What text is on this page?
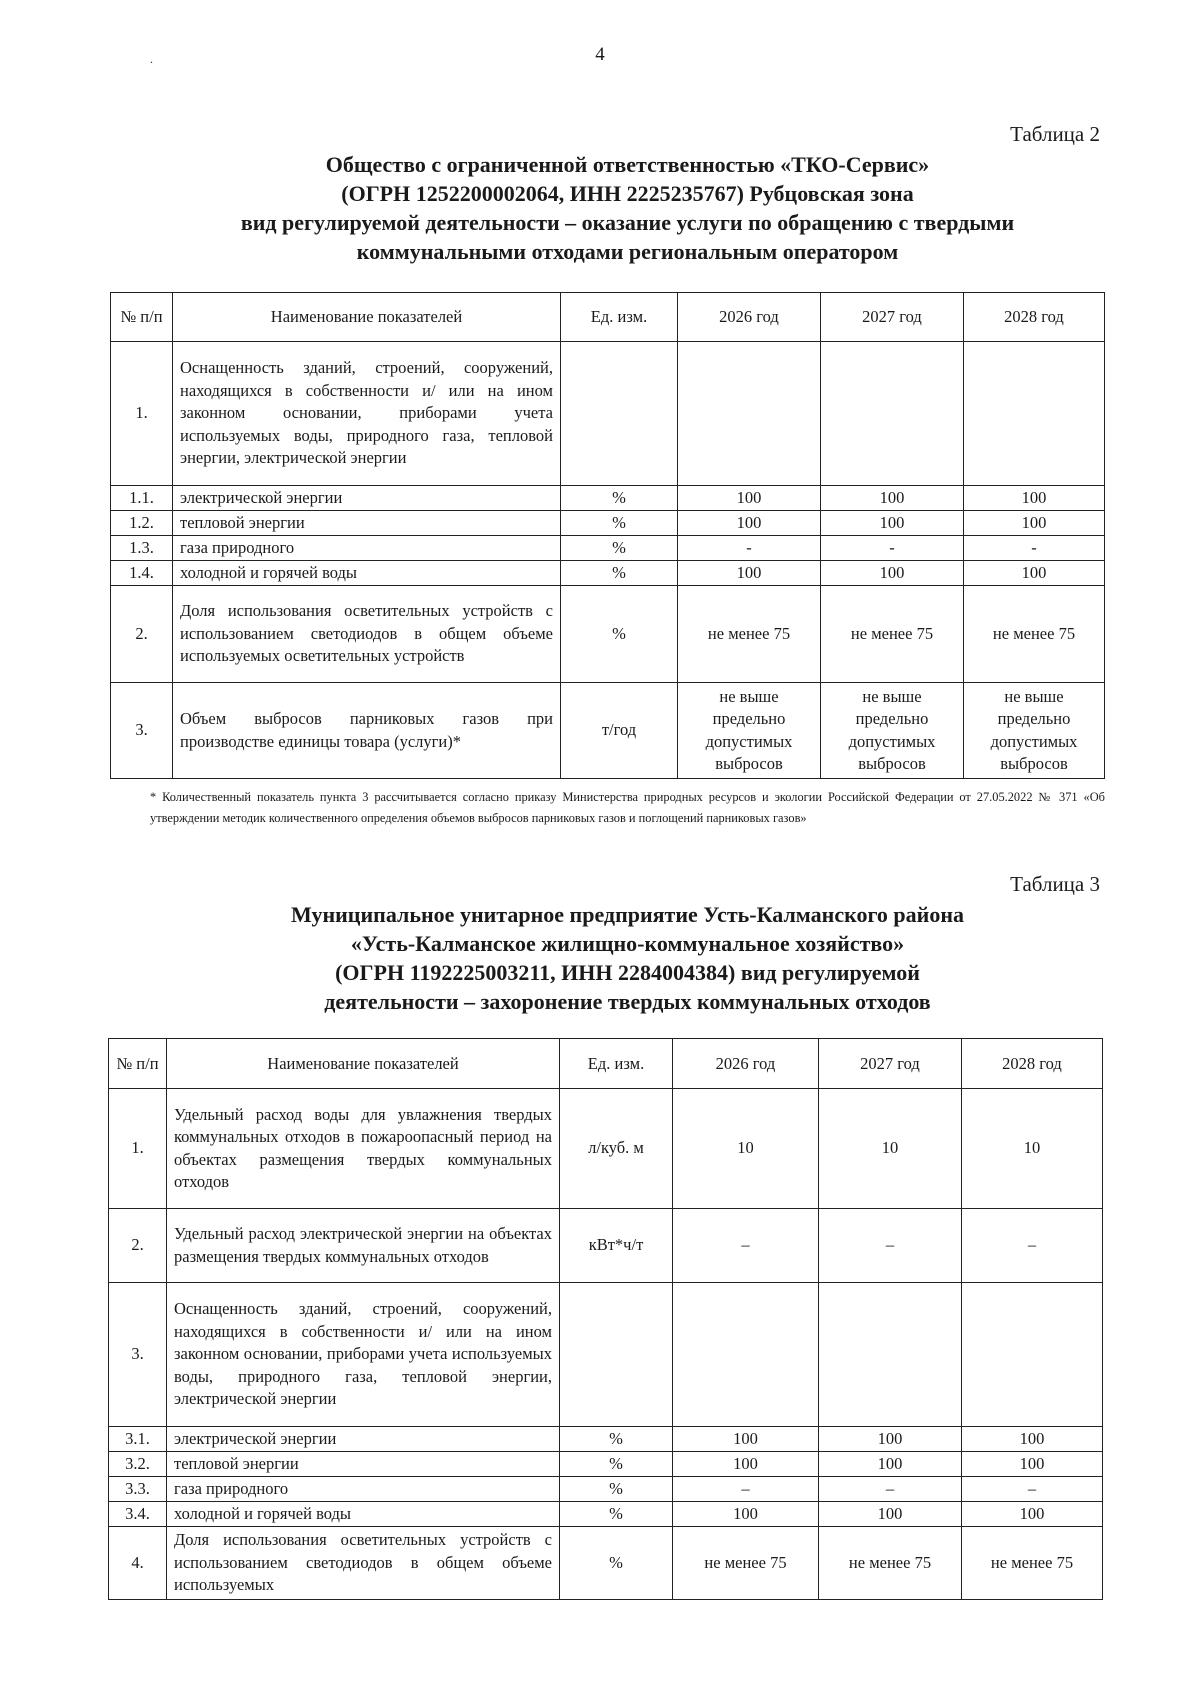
.	4
Таблица 2
Общество с ограниченной ответственностью «ТКО-Сервис»
(ОГРН 1252200002064, ИНН 2225235767) Рубцовская зона
вид регулируемой деятельности – оказание услуги по обращению с твердыми
коммунальными отходами региональным оператором
№ п/п	Наименование показателей	Ед. изм.	2026 год	2027 год	2028 год
1.	Оснащенность зданий, строений, сооружений, находящихся в собственности и/ или на ином законном основании, приборами учета используемых воды, природного газа, тепловой энергии, электрической энергии				
1.1.	электрической энергии	%	100	100	100
1.2.	тепловой энергии	%	100	100	100
1.3.	газа природного	%	-	-	-
1.4.	холодной и горячей воды	%	100	100	100
2.	Доля использования осветительных устройств с использованием светодиодов в общем объеме используемых осветительных устройств	%	не менее 75	не менее 75	не менее 75
3.	Объем выбросов парниковых газов при производстве единицы товара (услуги)*	т/год	не выше предельно допустимых выбросов	не выше предельно допустимых выбросов	не выше предельно допустимых выбросов
* Количественный показатель пункта 3 рассчитывается согласно приказу Министерства природных ресурсов и экологии Российской Федерации от 27.05.2022 № 371 «Об утверждении методик количественного определения объемов выбросов парниковых газов и поглощений парниковых газов»
Таблица 3
Муниципальное унитарное предприятие Усть-Калманского района
«Усть-Калманское жилищно-коммунальное хозяйство»
(ОГРН 1192225003211, ИНН 2284004384) вид регулируемой
деятельности – захоронение твердых коммунальных отходов
№ п/п	Наименование показателей	Ед. изм.	2026 год	2027 год	2028 год
1.	Удельный расход воды для увлажнения твердых коммунальных отходов в пожароопасный период на объектах размещения твердых коммунальных отходов	л/куб. м	10	10	10
2.	Удельный расход электрической энергии на объектах размещения твердых коммунальных отходов	кВт*ч/т	–	–	–
3.	Оснащенность зданий, строений, сооружений, находящихся в собственности и/ или на ином законном основании, приборами учета используемых воды, природного газа, тепловой энергии, электрической энергии				
3.1.	электрической энергии	%	100	100	100
3.2.	тепловой энергии	%	100	100	100
3.3.	газа природного	%	–	–	–
3.4.	холодной и горячей воды	%	100	100	100
4.	Доля использования осветительных устройств с использованием светодиодов в общем объеме используемых	%	не менее 75	не менее 75	не менее 75
